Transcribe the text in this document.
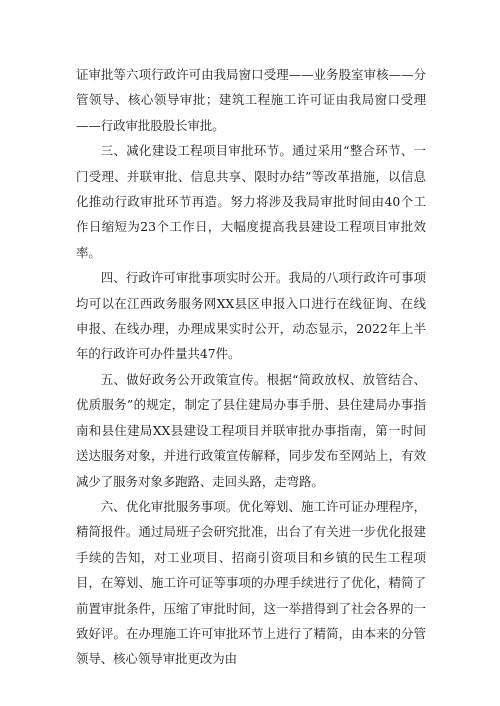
证审批等六项行政许可由我局窗口受理——业务股室审核——分管领导、核心领导审批；建筑工程施工许可证由我局窗口受理——行政审批股股长审批。

三、减化建设工程项目审批环节。通过采用“整合环节、一门受理、并联审批、信息共享、限时办结”等改革措施，以信息化推动行政审批环节再造。努力将涉及我局审批时间由40个工作日缩短为23个工作日，大幅度提高我县建设工程项目审批效率。

四、行政许可审批事项实时公开。我局的八项行政许可事项均可以在江西政务服务网XX县区申报入口进行在线征询、在线申报、在线办理，办理成果实时公开，动态显示，2022年上半年的行政许可办件量共47件。

五、做好政务公开政策宣传。根据“简政放权、放管结合、优质服务”的规定，制定了县住建局办事手册、县住建局办事指南和县住建局XX县建设工程项目并联审批办事指南，第一时间送达服务对象，并进行政策宣传解释，同步发布至网站上，有效减少了服务对象多跑路、走回头路，走弯路。

六、优化审批服务事项。优化筹划、施工许可证办理程序，精简报件。通过局班子会研究批准，出台了有关进一步优化报建手续的告知，对工业项目、招商引资项目和乡镇的民生工程项目，在筹划、施工许可证等事项的办理手续进行了优化，精简了前置审批条件，压缩了审批时间，这一举措得到了社会各界的一致好评。在办理施工许可审批环节上进行了精简，由本来的分管领导、核心领导审批更改为由
